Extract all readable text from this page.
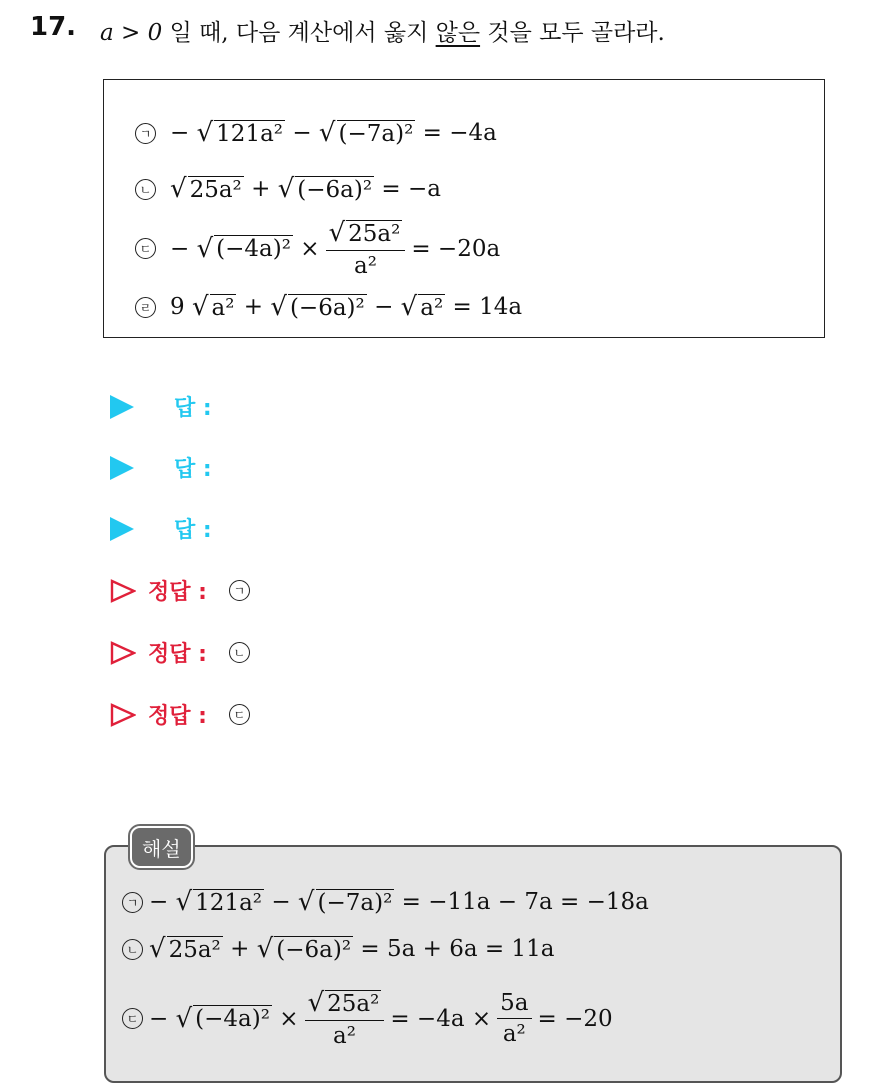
17. a > 0 일 때, 다음 계산에서 옳지 않은 것을 모두 골라라.
ㄱ −
√ 121a²
−
√ (−7a)²
= −4a
ㄴ √ 25a²
+
√ (−6a)²
= −a
ㄷ −
√ (−4a)²
× $\frac{\text{√ 25a²}}{\text{a²}} = -20a$
ㄹ 9
√ a²
+
√ (−6a)²
−
√ a²
= 14a
답 :
답 :
답 :
정답 :	ㄱ
정답 :	ㄴ
정답 :	ㄷ
해설
ㄱ −
√ 121a²
−
√ (−7a)²
= −11a − 7a = −18a
ㄴ √ 25a²
+
√ (−6a)²
= 5a + 6a = 11a
ㄷ −
√ (−4a)²
× $\frac{\text{√ 25a²}}{\text{a²}} = -4a \times \frac{5a}{\text{a²}} = -20$
